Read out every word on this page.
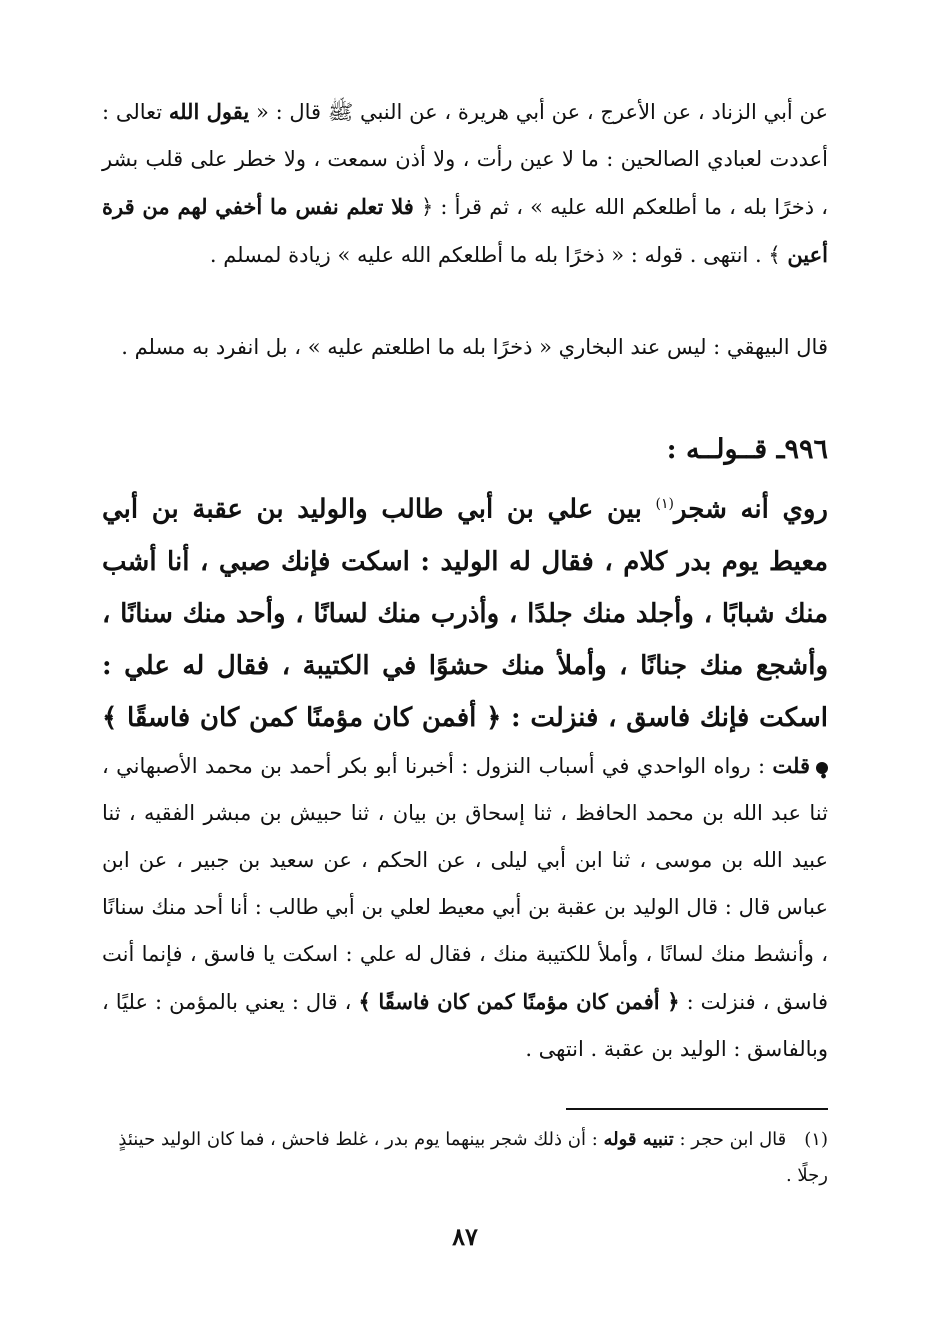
عن أبي الزناد ، عن الأعرج ، عن أبي هريرة ، عن النبي ﷺ قال : « يقول الله تعالى : أعددت لعبادي الصالحين : ما لا عين رأت ، ولا أذن سمعت ، ولا خطر على قلب بشر ، ذخرًا بله ، ما أطلعكم الله عليه » ، ثم قرأ : ﴿ فلا تعلم نفس ما أخفي لهم من قرة أعين ﴾ . انتهى . قوله : « ذخرًا بله ما أطلعكم الله عليه » زيادة لمسلم .
قال البيهقي : ليس عند البخاري « ذخرًا بله ما اطلعتم عليه » ، بل انفرد به مسلم .
٩٩٦ـ قــولــه :
روي أنه شجر$^{(١)}$ بين علي بن أبي طالب والوليد بن عقبة بن أبي معيط يوم بدر كلام ، فقال له الوليد : اسكت فإنك صبي ، أنا أشب منك شبابًا ، وأجلد منك جلدًا ، وأذرب منك لسانًا ، وأحد منك سنانًا ، وأشجع منك جنانًا ، وأملأ منك حشوًا في الكتيبة ، فقال له علي : اسكت فإنك فاسق ، فنزلت : ﴿ أفمن كان مؤمنًا كمن كان فاسقًا ﴾
قلت : رواه الواحدي في أسباب النزول : أخبرنا أبو بكر أحمد بن محمد الأصبهاني ، ثنا عبد الله بن محمد الحافظ ، ثنا إسحاق بن بيان ، ثنا حبيش بن مبشر الفقيه ، ثنا عبيد الله بن موسى ، ثنا ابن أبي ليلى ، عن الحكم ، عن سعيد بن جبير ، عن ابن عباس قال : قال الوليد بن عقبة بن أبي معيط لعلي بن أبي طالب : أنا أحد منك سنانًا ، وأنشط منك لسانًا ، وأملأ للكتيبة منك ، فقال له علي : اسكت يا فاسق ، فإنما أنت فاسق ، فنزلت : ﴿ أفمن كان مؤمنًا كمن كان فاسقًا ﴾ ، قال : يعني بالمؤمن : عليًا ، وبالفاسق : الوليد بن عقبة . انتهى .
(١)قال ابن حجر : تنبيه قوله : أن ذلك شجر بينهما يوم بدر ، غلط فاحش ، فما كان الوليد حينئذٍ رجلًا .
٨٧
